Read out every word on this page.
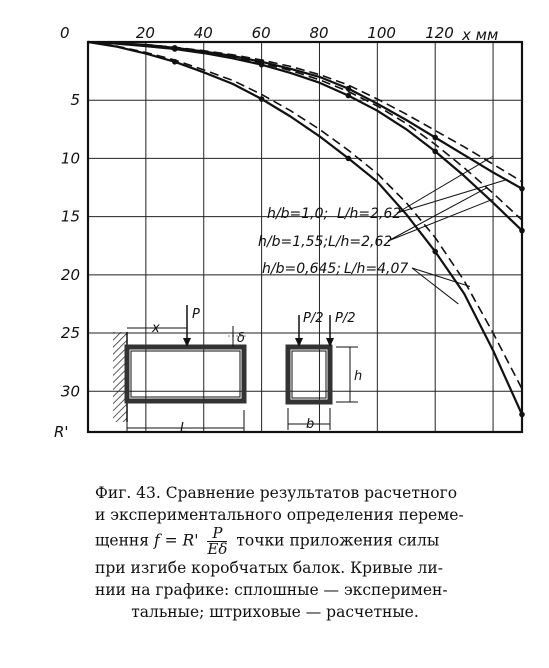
0	20	40	60	80	100 120
5
10
15
20
25
30
h/b=1,0; L/h=2,62
h/b=1,55; L/h=2,62
h/b=0,645; L/h=4,07
x мм
R'
P
x
δ
L
P/2 P/2
h
b

Фиг. 43. Сравнение результатов расчетного

и экспериментального определения переме-

щення $f = R' \frac{P}{E\delta}$ точки приложения силы

при изгибе коробчатых балок. Кривые ли-

нии на графике: сплошные — эксперимен-

тальные; штриховые — расчетные.
